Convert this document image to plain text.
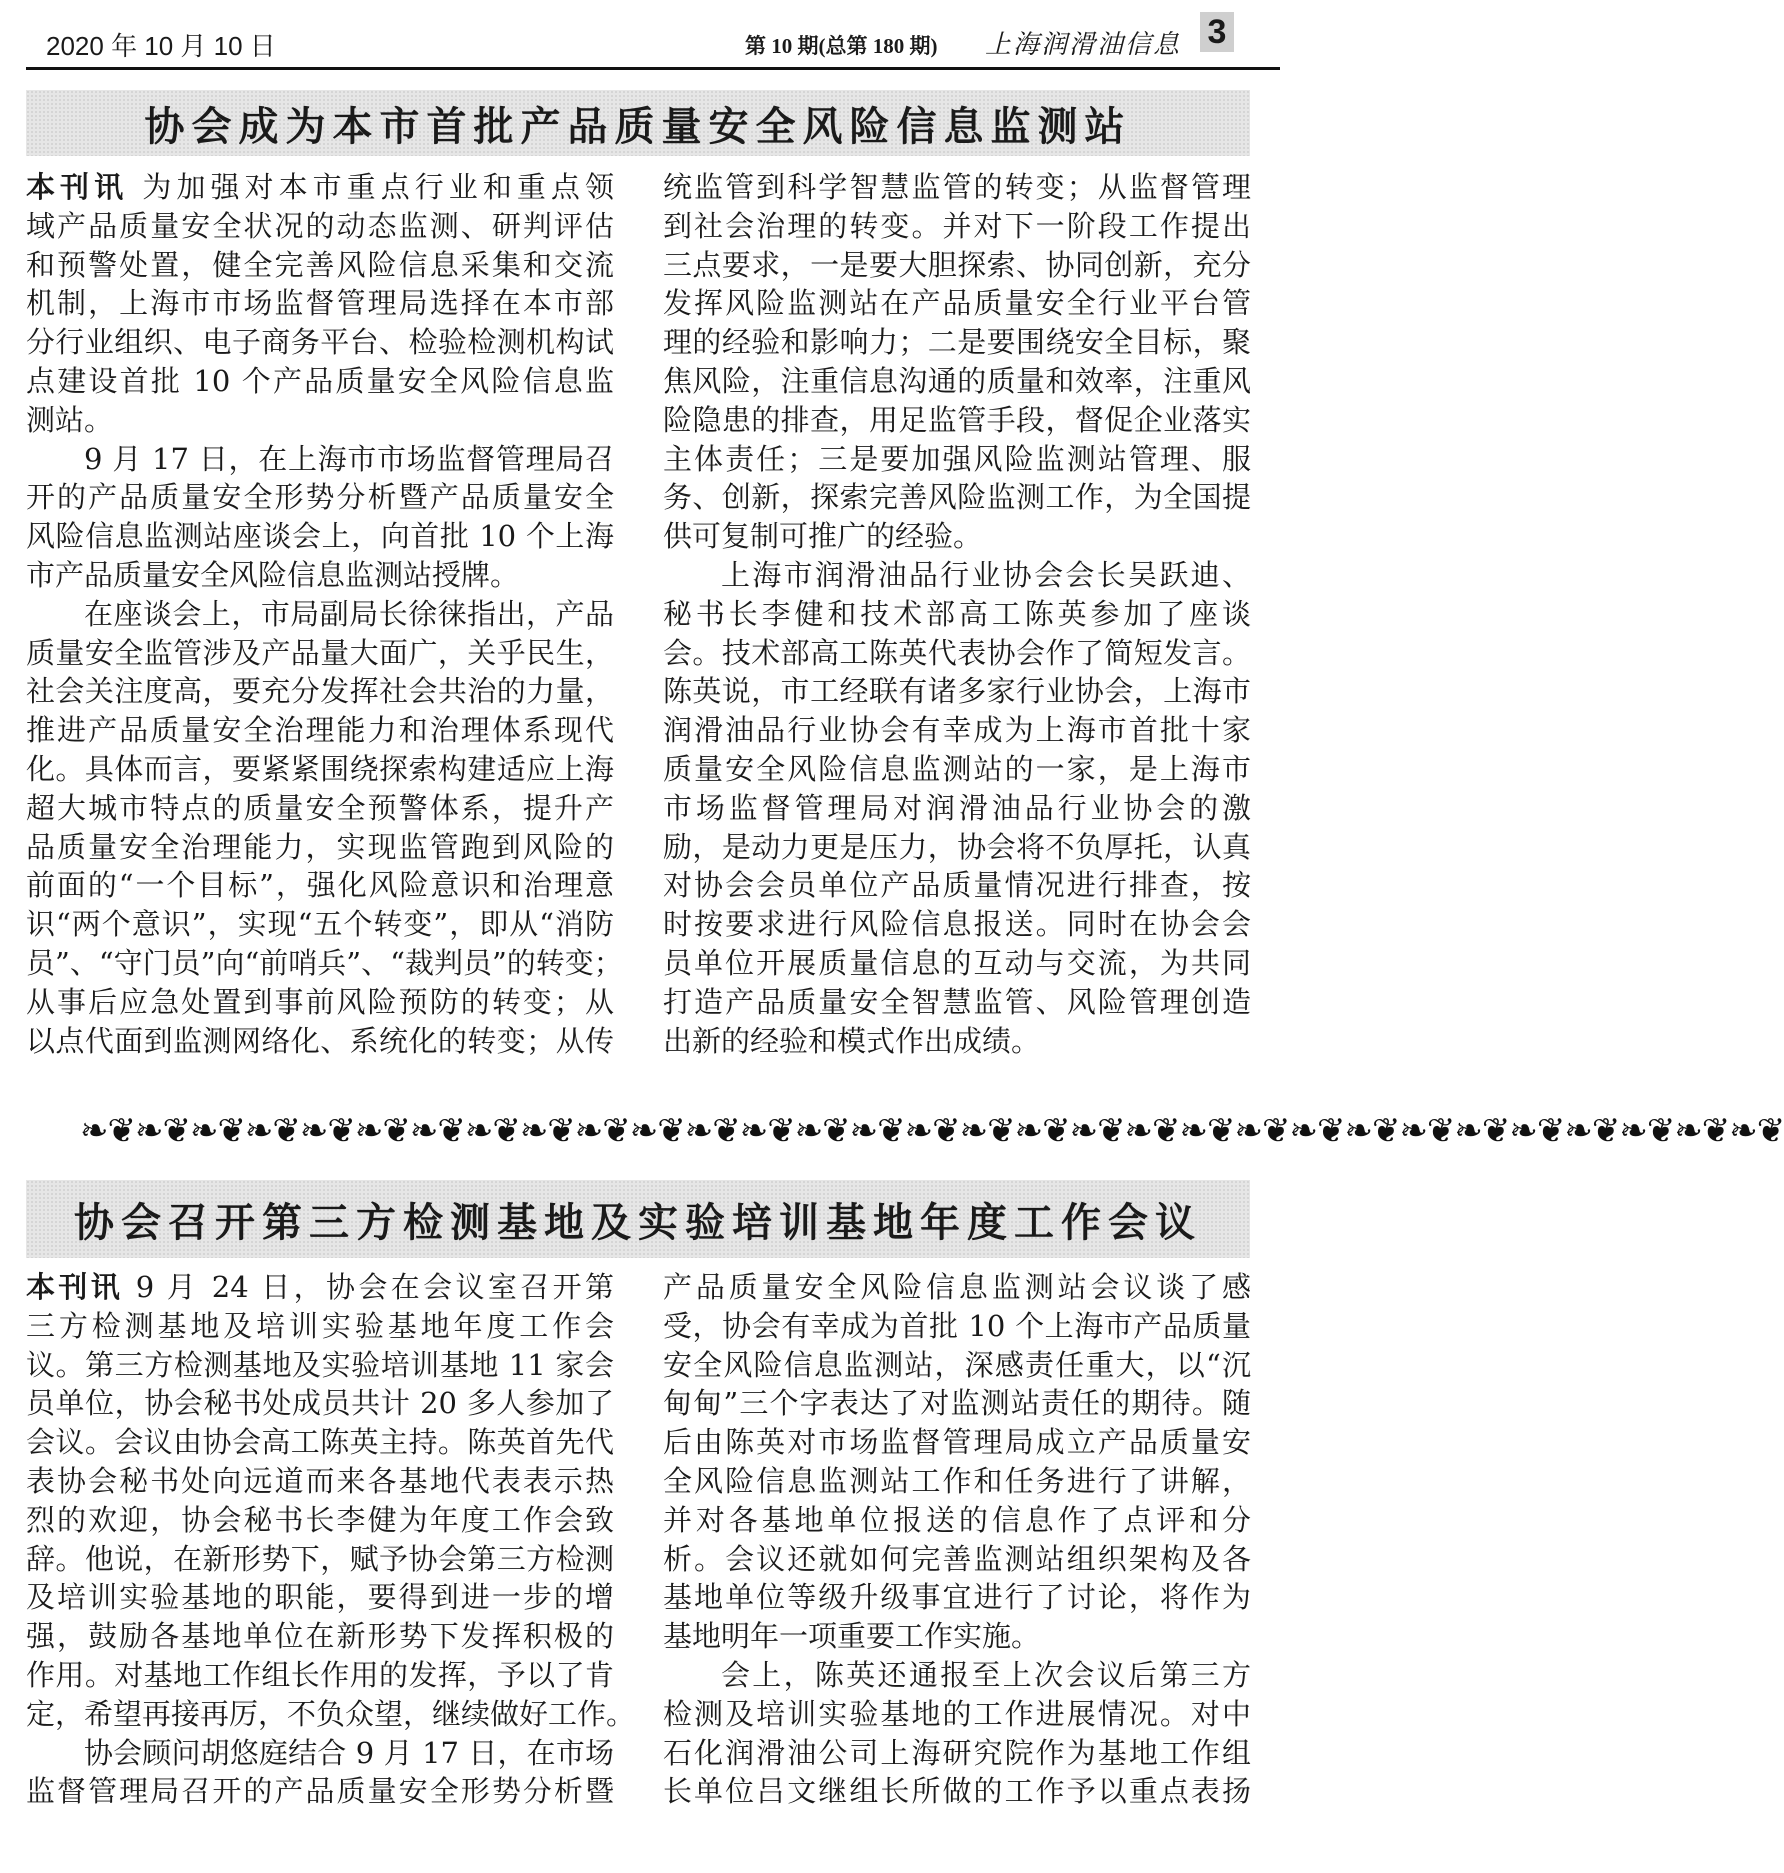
2020 年 10 月 10 日	第 10 期(总第 180 期) 上海润滑油信息 3
协会成为本市首批产品质量安全风险信息监测站
本刊讯 为加强对本市重点行业和重点领
域产品质量安全状况的动态监测、研判评估
和预警处置，健全完善风险信息采集和交流
机制，上海市市场监督管理局选择在本市部
分行业组织、电子商务平台、检验检测机构试
点建设首批 10 个产品质量安全风险信息监
测站。
9 月 17 日，在上海市市场监督管理局召
开的产品质量安全形势分析暨产品质量安全
风险信息监测站座谈会上，向首批 10 个上海
市产品质量安全风险信息监测站授牌。
在座谈会上，市局副局长徐徕指出，产品
质量安全监管涉及产品量大面广，关乎民生，
社会关注度高，要充分发挥社会共治的力量，
推进产品质量安全治理能力和治理体系现代
化。具体而言，要紧紧围绕探索构建适应上海
超大城市特点的质量安全预警体系，提升产
品质量安全治理能力，实现监管跑到风险的
前面的“一个目标”，强化风险意识和治理意
识“两个意识”，实现“五个转变”，即从“消防
员”、“守门员”向“前哨兵”、“裁判员”的转变；
从事后应急处置到事前风险预防的转变；从
以点代面到监测网络化、系统化的转变；从传
统监管到科学智慧监管的转变；从监督管理
到社会治理的转变。并对下一阶段工作提出
三点要求，一是要大胆探索、协同创新，充分
发挥风险监测站在产品质量安全行业平台管
理的经验和影响力；二是要围绕安全目标，聚
焦风险，注重信息沟通的质量和效率，注重风
险隐患的排查，用足监管手段，督促企业落实
主体责任；三是要加强风险监测站管理、服
务、创新，探索完善风险监测工作，为全国提
供可复制可推广的经验。
上海市润滑油品行业协会会长吴跃迪、
秘书长李健和技术部高工陈英参加了座谈
会。技术部高工陈英代表协会作了简短发言。
陈英说，市工经联有诸多家行业协会，上海市
润滑油品行业协会有幸成为上海市首批十家
质量安全风险信息监测站的一家，是上海市
市场监督管理局对润滑油品行业协会的激
励，是动力更是压力，协会将不负厚托，认真
对协会会员单位产品质量情况进行排查，按
时按要求进行风险信息报送。同时在协会会
员单位开展质量信息的互动与交流，为共同
打造产品质量安全智慧监管、风险管理创造
出新的经验和模式作出成绩。
❧❦❧❦❧❦❧❦❧❦❧❦❧❦❧❦❧❦❧❦❧❦❧❦❧❦❧❦❧❦❧❦❧❦❧❦❧❦❧❦❧❦❧❦❧❦❧❦❧❦❧❦❧❦❧❦❧❦❧❦❧❦
协会召开第三方检测基地及实验培训基地年度工作会议
本刊讯 9 月 24 日，协会在会议室召开第
三方检测基地及培训实验基地年度工作会
议。第三方检测基地及实验培训基地 11 家会
员单位，协会秘书处成员共计 20 多人参加了
会议。会议由协会高工陈英主持。陈英首先代
表协会秘书处向远道而来各基地代表表示热
烈的欢迎，协会秘书长李健为年度工作会致
辞。他说，在新形势下，赋予协会第三方检测
及培训实验基地的职能，要得到进一步的增
强，鼓励各基地单位在新形势下发挥积极的
作用。对基地工作组长作用的发挥，予以了肯
定，希望再接再厉，不负众望，继续做好工作。
协会顾问胡悠庭结合 9 月 17 日，在市场
监督管理局召开的产品质量安全形势分析暨
产品质量安全风险信息监测站会议谈了感
受，协会有幸成为首批 10 个上海市产品质量
安全风险信息监测站，深感责任重大，以“沉
甸甸”三个字表达了对监测站责任的期待。随
后由陈英对市场监督管理局成立产品质量安
全风险信息监测站工作和任务进行了讲解，
并对各基地单位报送的信息作了点评和分
析。会议还就如何完善监测站组织架构及各
基地单位等级升级事宜进行了讨论，将作为
基地明年一项重要工作实施。
会上，陈英还通报至上次会议后第三方
检测及培训实验基地的工作进展情况。对中
石化润滑油公司上海研究院作为基地工作组
长单位吕文继组长所做的工作予以重点表扬
